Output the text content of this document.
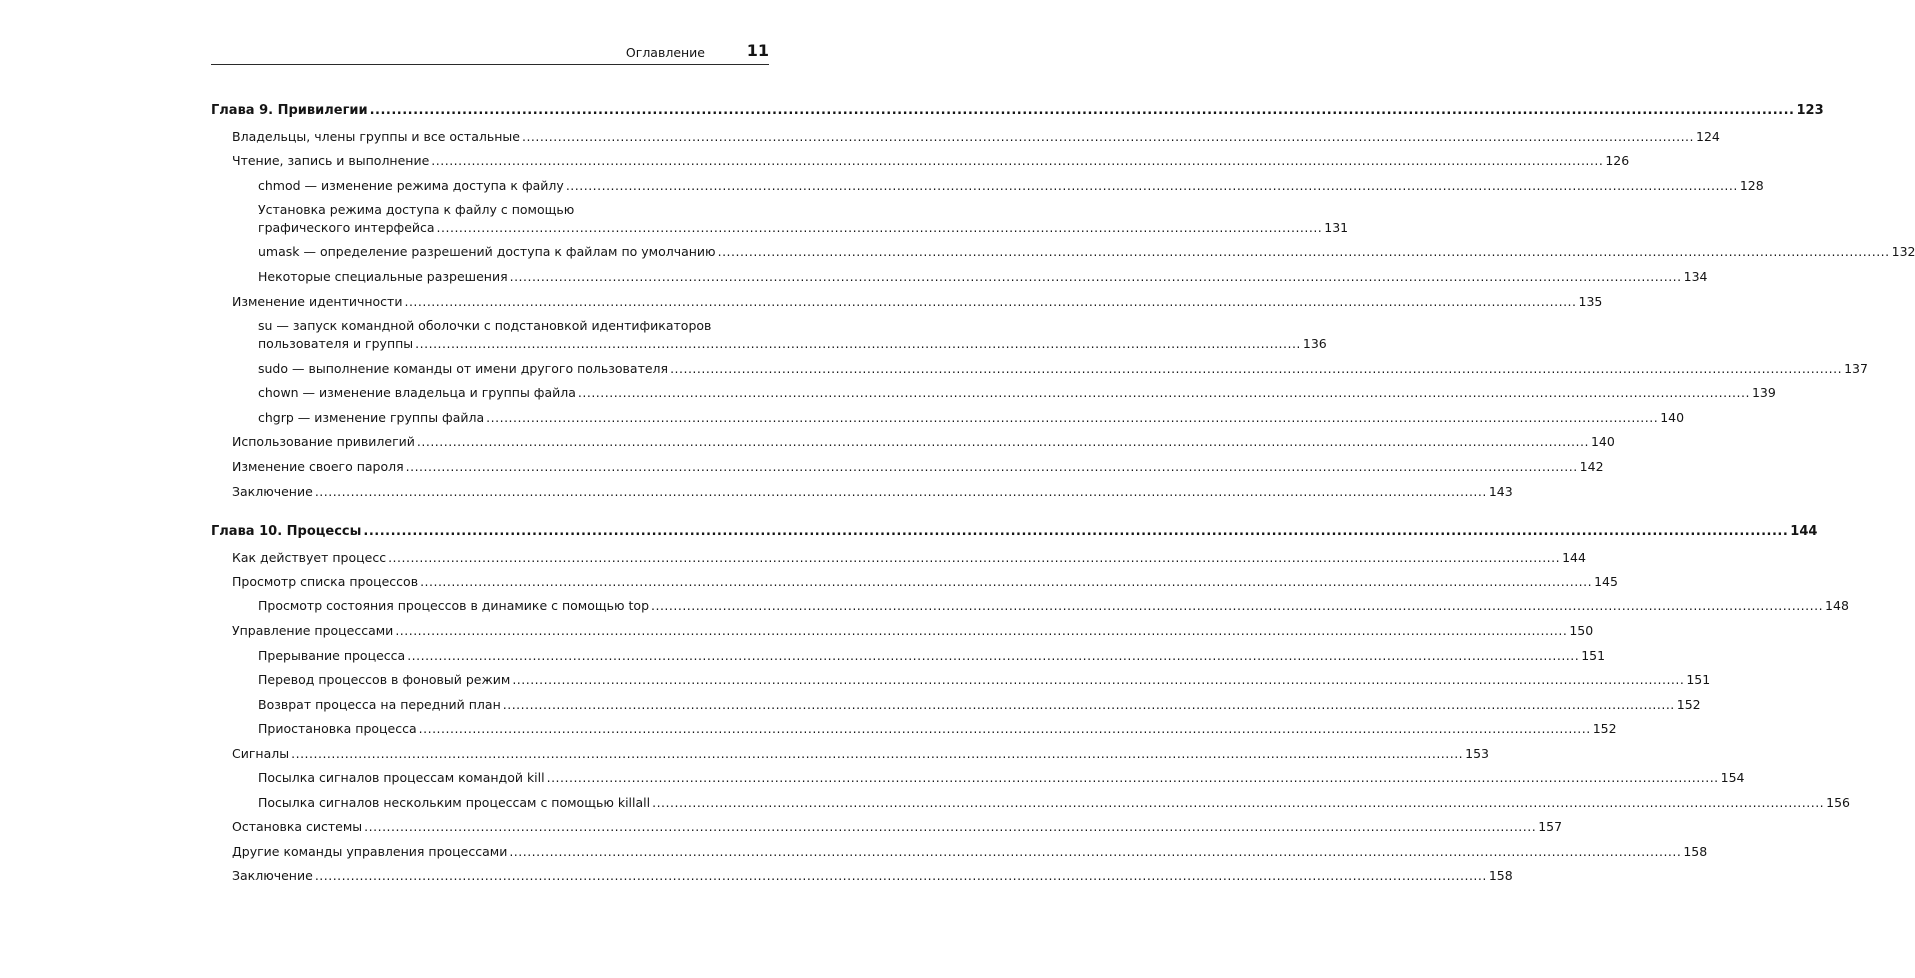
Оглавление	11
Глава 9. Привилегии .....	123
Владельцы, члены группы и все остальные .....	124
Чтение, запись и выполнение .....	126
chmod — изменение режима доступа к файлу .....	128
Установка режима доступа к файлу с помощью
графического интерфейса ...................................................................................................................................................................................................... 131
umask — определение разрешений доступа к файлам по умолчанию .....	132
Некоторые специальные разрешения .....	134
Изменение идентичности .....	135
su — запуск командной оболочки с подстановкой идентификаторов
пользователя и группы ...................................................................................................................................................................................................... 136
sudo — выполнение команды от имени другого пользователя .....	137
chown — изменение владельца и группы файла .....	139
chgrp — изменение группы файла .....	140
Использование привилегий .....	140
Изменение своего пароля .....	142
Заключение .....	143
Глава 10. Процессы .....	144
Как действует процесс .....	144
Просмотр списка процессов .....	145
Просмотр состояния процессов в динамике с помощью top .....	148
Управление процессами .....	150
Прерывание процесса .....	151
Перевод процессов в фоновый режим .....	151
Возврат процесса на передний план .....	152
Приостановка процесса .....	152
Сигналы .....	153
Посылка сигналов процессам командой kill .....	154
Посылка сигналов нескольким процессам с помощью killall .....	156
Остановка системы .....	157
Другие команды управления процессами .....	158
Заключение .....	158
